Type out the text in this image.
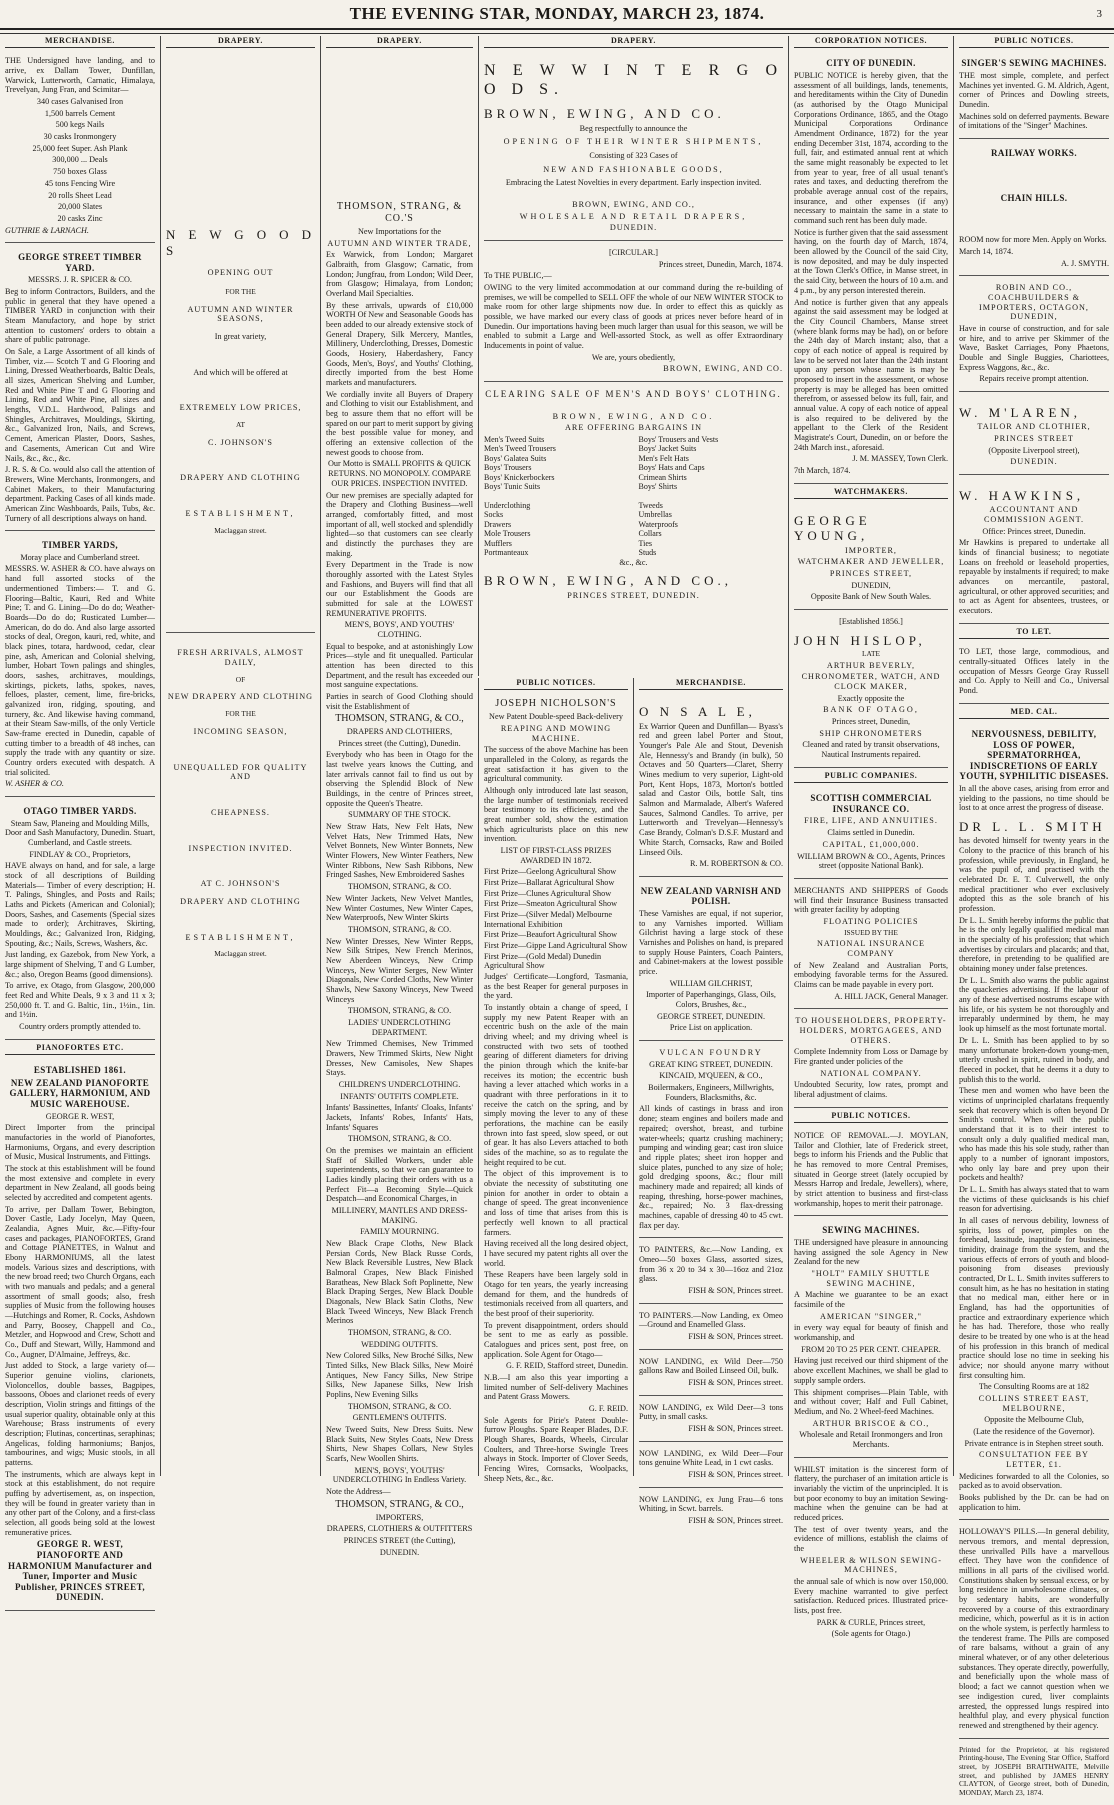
THE EVENING STAR, MONDAY, MARCH 23, 1874.	3
MERCHANDISE.

THE Undersigned have landing, and to arrive, ex Dallam Tower, Dunfillan, Warwick, Lutterworth, Carnatic, Himalaya, Trevelyan, Jung Fran, and Scimitar—

340 cases Galvanised Iron

1,500 barrels Cement

500 kegs Nails

30 casks Ironmongery

25,000 feet Super. Ash Plank

300,000 ... Deals

750 boxes Glass

45 tons Fencing Wire

20 rolls Sheet Lead

20,000 Slates

20 casks Zinc

GUTHRIE & LARNACH.

GEORGE STREET TIMBER YARD.

MESSRS. J. R. SPICER & CO.

Beg to inform Contractors, Builders, and the public in general that they have opened a TIMBER YARD in conjunction with their Steam Manufactory, and hope by strict attention to customers' orders to obtain a share of public patronage.

On Sale, a Large Assortment of all kinds of Timber, viz.— Scotch T and G Flooring and Lining, Dressed Weatherboards, Baltic Deals, all sizes, American Shelving and Lumber, Red and White Pine T and G Flooring and Lining, Red and White Pine, all sizes and lengths, V.D.L. Hardwood, Palings and Shingles, Architraves, Mouldings, Skirting, &c., Galvanized Iron, Nails, and Screws, Cement, American Plaster, Doors, Sashes, and Casements, American Cut and Wire Nails, &c., &c., &c.

J. R. S. & Co. would also call the attention of Brewers, Wine Merchants, Ironmongers, and Cabinet Makers, to their Manufacturing department. Packing Cases of all kinds made. American Zinc Washboards, Pails, Tubs, &c. Turnery of all descriptions always on hand.

TIMBER YARDS,

Moray place and Cumberland street.

MESSRS. W. ASHER & CO. have always on hand full assorted stocks of the undermentioned Timbers:— T. and G. Flooring—Baltic, Kauri, Red and White Pine; T. and G. Lining—Do do do; Weather-Boards—Do do do; Rusticated Lumber—American, do do do. And also large assorted stocks of deal, Oregon, kauri, red, white, and black pines, totara, hardwood, cedar, clear pine, ash, American and Colonial shelving, lumber, Hobart Town palings and shingles, doors, sashes, architraves, mouldings, skirtings, pickets, laths, spokes, naves, felloes, plaster, cement, lime, fire-bricks, galvanized iron, ridging, spouting, and turnery, &c. And likewise having command, at their Steam Saw-mills, of the only Verticle Saw-frame erected in Dunedin, capable of cutting timber to a breadth of 48 inches, can supply the trade with any quantity or size. Country orders executed with despatch. A trial solicited.

W. ASHER & CO.

OTAGO TIMBER YARDS.

Steam Saw, Planeing and Moulding Mills, Door and Sash Manufactory, Dunedin. Stuart, Cumberland, and Castle streets.

FINDLAY & CO., Proprietors,

HAVE always on hand, and for sale, a large stock of all descriptions of Building Materials— Timber of every description; H. T. Palings, Shingles, and Posts and Rails; Laths and Pickets (American and Colonial); Doors, Sashes, and Casements (Special sizes made to order); Architraves, Skirting, Mouldings, &c.; Galvanized Iron, Ridging, Spouting, &c.; Nails, Screws, Washers, &c.

Just landing, ex Gazebok, from New York, a large shipment of Shelving, T and G Lumber, &c.; also, Oregon Beams (good dimensions).

To arrive, ex Otago, from Glasgow, 200,000 feet Red and White Deals, 9 x 3 and 11 x 3; 250,000 ft. T. and G. Baltic, 1in., 1½in., 1in. and 1½in.

Country orders promptly attended to.

PIANOFORTES ETC.
ESTABLISHED 1861.
NEW ZEALAND PIANOFORTE GALLERY, HARMONIUM, AND MUSIC WAREHOUSE.

GEORGE R. WEST,

Direct Importer from the principal manufactories in the world of Pianofortes, Harmoniums, Organs, and every description of Music, Musical Instruments, and Fittings.

The stock at this establishment will be found the most extensive and complete in every department in New Zealand, all goods being selected by accredited and competent agents.

To arrive, per Dallam Tower, Bebington, Dover Castle, Lady Jocelyn, May Queen, Zealandia, Agnes Muir, &c.—Fifty-four cases and packages, PIANOFORTES, Grand and Cottage PIANETTES, in Walnut and Ebony HARMONIUMS, all the latest models. Various sizes and descriptions, with the new broad reed; two Church Organs, each with two manuals and pedals; and a general assortment of small goods; also, fresh supplies of Music from the following houses—Hutchings and Romer, R. Cocks, Ashdown and Parry, Boosey, Chappell and Co., Metzler, and Hopwood and Crew, Schott and Co., Duff and Stewart, Willy, Hammond and Co., Augner, D'Almaine, Jeffreys, &c.

Just added to Stock, a large variety of— Superior genuine violins, clarionets, Violoncellos, double basses, Bagpipes, bassoons, Oboes and clarionet reeds of every description, Violin strings and fittings of the usual superior quality, obtainable only at this Warehouse; Brass instruments of every description; Flutinas, concertinas, seraphinas; Angelicas, folding harmoniums; Banjos, tambourines, and wigs; Music stools, in all patterns.

The instruments, which are always kept in stock at this establishment, do not require puffing by advertisement, as, on inspection, they will be found in greater variety than in any other part of the Colony, and a first-class selection, all goods being sold at the lowest remunerative prices.

GEORGE R. WEST, PIANOFORTE AND HARMONIUM Manufacturer and Tuner, Importer and Music Publisher, PRINCES STREET, DUNEDIN.
DRAPERY.

N E W G O O D S

OPENING OUT

FOR THE

AUTUMN AND WINTER SEASONS,

In great variety,

And which will be offered at

EXTREMELY LOW PRICES,

AT

C. JOHNSON'S

DRAPERY AND CLOTHING

ESTABLISHMENT,

Maclaggan street.

FRESH ARRIVALS, ALMOST DAILY,

OF

NEW DRAPERY AND CLOTHING

FOR THE

INCOMING SEASON,

UNEQUALLED FOR QUALITY AND

CHEAPNESS.

INSPECTION INVITED.

AT C. JOHNSON'S

DRAPERY AND CLOTHING

ESTABLISHMENT,

Maclaggan street.

DRAPERY.

THOMSON, STRANG, & CO.'S

New Importations for the

AUTUMN AND WINTER TRADE,

Ex Warwick, from London; Margaret Galbraith, from Glasgow; Carnatic, from London; Jungfrau, from London; Wild Deer, from Glasgow; Himalaya, from London; Overland Mail Specialties.

By these arrivals, upwards of £10,000 WORTH Of New and Seasonable Goods has been added to our already extensive stock of General Drapery, Silk Mercery, Mantles, Millinery, Underclothing, Dresses, Domestic Goods, Hosiery, Haberdashery, Fancy Goods, Men's, Boys', and Youths' Clothing, directly imported from the best Home markets and manufacturers.

We cordially invite all Buyers of Drapery and Clothing to visit our Establishment, and beg to assure them that no effort will be spared on our part to merit support by giving the best possible value for money, and offering an extensive collection of the newest goods to choose from.

Our Motto is SMALL PROFITS & QUICK RETURNS. NO MONOPOLY. COMPARE OUR PRICES. INSPECTION INVITED.

Our new premises are specially adapted for the Drapery and Clothing Business—well arranged, comfortably fitted, and most important of all, well stocked and splendidly lighted—so that customers can see clearly and distinctly the purchases they are making.

Every Department in the Trade is now thoroughly assorted with the Latest Styles and Fashions, and Buyers will find that all our our Establishment the Goods are submitted for sale at the LOWEST REMUNERATIVE PROFITS.

MEN'S, BOYS', AND YOUTHS' CLOTHING.

Equal to bespoke, and at astonishingly Low Prices—style and fit unequalled. Particular attention has been directed to this Department, and the result has exceeded our most sanguine expectations.

Parties in search of Good Clothing should visit the Establishment of

THOMSON, STRANG, & CO.,

DRAPERS AND CLOTHIERS,

Princes street (the Cutting), Dunedin.

Everybody who has been in Otago for the last twelve years knows the Cutting, and later arrivals cannot fail to find us out by observing the Splendid Block of New Buildings, in the centre of Princes street, opposite the Queen's Theatre.

SUMMARY OF THE STOCK.

New Straw Hats, New Felt Hats, New Velvet Hats, New Trimmed Hats, New Velvet Bonnets, New Winter Bonnets, New Winter Flowers, New Winter Feathers, New Winter Ribbons, New Sash Ribbons, New Fringed Sashes, New Embroidered Sashes

THOMSON, STRANG, & CO.

New Winter Jackets, New Velvet Mantles, New Winter Costumes, New Winter Capes, New Waterproofs, New Winter Skirts

THOMSON, STRANG, & CO.

New Winter Dresses, New Winter Repps, New Silk Stripes, New French Merinos, New Aberdeen Winceys, New Crimp Winceys, New Winter Serges, New Winter Diagonals, New Corded Cloths, New Winter Shawls, New Saxony Winceys, New Tweed Winceys

THOMSON, STRANG, & CO.

LADIES' UNDERCLOTHING DEPARTMENT.

New Trimmed Chemises, New Trimmed Drawers, New Trimmed Skirts, New Night Dresses, New Camisoles, New Shapes Stays.

CHILDREN'S UNDERCLOTHING.

INFANTS' OUTFITS COMPLETE.

Infants' Bassinettes, Infants' Cloaks, Infants' Jackets, Infants' Robes, Infants' Hats, Infants' Squares

THOMSON, STRANG, & CO.

On the premises we maintain an efficient Staff of Skilled Workers, under able superintendents, so that we can guarantee to Ladies kindly placing their orders with us a Perfect Fit—a Becoming Style—Quick Despatch—and Economical Charges, in

MILLINERY, MANTLES AND DRESS-MAKING.

FAMILY MOURNING.

New Black Crape Cloths, New Black Persian Cords, New Black Russe Cords, New Black Reversible Lustres, New Black Balmoral Crapes, New Black Finished Baratheas, New Black Soft Poplinette, New Black Draping Serges, New Black Double Diagonals, New Black Satin Cloths, New Black Tweed Winceys, New Black French Merinos

THOMSON, STRANG, & CO.

WEDDING OUTFITS.

New Colored Silks, New Broché Silks, New Tinted Silks, New Black Silks, New Moiré Antiques, New Fancy Silks, New Stripe Silks, New Japanese Silks, New Irish Poplins, New Evening Silks

THOMSON, STRANG, & CO.

GENTLEMEN'S OUTFITS.

New Tweed Suits, New Dress Suits. New Black Suits, New Styles Coats, New Dress Shirts, New Shapes Collars, New Styles Scarfs, New Woollen Shirts.

MEN'S, BOYS', YOUTHS' UNDERCLOTHING In Endless Variety.

Note the Address—

THOMSON, STRANG, & CO.,

IMPORTERS,

DRAPERS, CLOTHIERS & OUTFITTERS

PRINCES STREET (the Cutting),

DUNEDIN.

DRAPERY.

N E W W I N T E R G O O D S.

BROWN, EWING, AND CO.

Beg respectfully to announce the

OPENING OF THEIR WINTER SHIPMENTS,

Consisting of 323 Cases of

NEW AND FASHIONABLE GOODS,

Embracing the Latest Novelties in every department. Early inspection invited.

BROWN, EWING, AND CO.,

WHOLESALE AND RETAIL DRAPERS,

DUNEDIN.

[CIRCULAR.]

Princes street, Dunedin, March, 1874.

To THE PUBLIC,—

OWING to the very limited accommodation at our command during the re-building of premises, we will be compelled to SELL OFF the whole of our NEW WINTER STOCK to make room for other large shipments now due. In order to effect this as quickly as possible, we have marked our every class of goods at prices never before heard of in Dunedin. Our importations having been much larger than usual for this season, we will be enabled to submit a Large and Well-assorted Stock, as well as offer Extraordinary Inducements in point of value.

We are, yours obediently,

BROWN, EWING, AND CO.

CLEARING SALE OF MEN'S AND BOYS' CLOTHING.

BROWN, EWING, AND CO.

ARE OFFERING BARGAINS IN

Men's Tweed Suits
Men's Tweed Trousers
Boys' Galatea Suits
Boys' Trousers
Boys' Knickerbockers
Boys' Tunic Suits

Underclothing
Socks
Drawers
Mole Trousers
Mufflers
Portmanteaux
Boys' Trousers and Vests
Boys' Jacket Suits
Men's Felt Hats
Boys' Hats and Caps
Crimean Shirts
Boys' Shirts

Tweeds
Umbrellas
Waterproofs
Collars
Ties
Studs

&c., &c.

BROWN, EWING, AND CO.,

PRINCES STREET, DUNEDIN.

PUBLIC NOTICES.

JOSEPH NICHOLSON'S

New Patent Double-speed Back-delivery

REAPING AND MOWING MACHINE.

The success of the above Machine has been unparalleled in the Colony, as regards the great satisfaction it has given to the agricultural community.

Although only introduced late last season, the large number of testimonials received bear testimony to its efficiency, and the great number sold, show the estimation which agriculturists place on this new invention.

LIST OF FIRST-CLASS PRIZES AWARDED IN 1872.

First Prize—Geelong Agricultural Show
First Prize—Ballarat Agricultural Show
First Prize—Clunes Agricultural Show
First Prize—Smeaton Agricultural Show
First Prize—(Silver Medal) Melbourne International Exhibition
First Prize—Beaufort Agricultural Show
First Prize—Gippe Land Agricultural Show
First Prize—(Gold Medal) Dunedin Agricultural Show

Judges' Certificate—Longford, Tasmania, as the best Reaper for general purposes in the yard.

To instantly obtain a change of speed, I supply my new Patent Reaper with an eccentric bush on the axle of the main driving wheel; and my driving wheel is constructed with two sets of toothed gearing of different diameters for driving the pinion through which the knife-bar receives its motion; the eccentric bush having a lever attached which works in a quadrant with three perforations in it to receive the catch on the spring, and by simply moving the lever to any of these perforations, the machine can be easily thrown into fast speed, slow speed, or out of gear. It has also Levers attached to both sides of the machine, so as to regulate the height required to be cut.

The object of this improvement is to obviate the necessity of substituting one pinion for another in order to obtain a change of speed. The great inconvenience and loss of time that arises from this is perfectly well known to all practical farmers.

Having received all the long desired object, I have secured my patent rights all over the world.

These Reapers have been largely sold in Otago for ten years, the yearly increasing demand for them, and the hundreds of testimonials received from all quarters, and the best proof of their superiority.

To prevent disappointment, orders should be sent to me as early as possible. Catalogues and prices sent, post free, on application. Sole Agent for Otago—

G. F. REID, Stafford street, Dunedin.

N.B.—I am also this year importing a limited number of Self-delivery Machines and Patent Grass Mowers.

G. F. REID.

Sole Agents for Pirie's Patent Double-furrow Ploughs. Spare Reaper Blades, D.F. Plough Shares, Boards, Wheels, Circular Coulters, and Three-horse Swingle Trees always in Stock. Importer of Clover Seeds, Fencing Wires, Cornsacks, Woolpacks, Sheep Nets, &c., &c.

MERCHANDISE.

O N S A L E,

Ex Warrior Queen and Dunfillan— Byass's red and green label Porter and Stout, Younger's Pale Ale and Stout, Devenish Ale, Hennessy's and Brandy (in bulk), 50 Octaves and 50 Quarters—Claret, Sherry Wines medium to very superior, Light-old Port, Kent Hops, 1873, Morton's bottled salad and Castor Oils, bottle Salt, tins Salmon and Marmalade, Albert's Wafered Sauces, Salmond Candles. To arrive, per Lutterworth and Trevelyan—Hennessy's Case Brandy, Colman's D.S.F. Mustard and White Starch, Cornsacks, Raw and Boiled Linseed Oils.

R. M. ROBERTSON & CO.

NEW ZEALAND VARNISH AND POLISH.

These Varnishes are equal, if not superior, to any Varnishes imported. William Gilchrist having a large stock of these Varnishes and Polishes on hand, is prepared to supply House Painters, Coach Painters, and Cabinet-makers at the lowest possible price.

WILLIAM GILCHRIST,

Importer of Paperhangings, Glass, Oils, Colors, Brushes, &c.,

GEORGE STREET, DUNEDIN.

Price List on application.

VULCAN FOUNDRY

GREAT KING STREET, DUNEDIN.

KINCAID, M'QUEEN, & CO.,

Boilermakers, Engineers, Millwrights, Founders, Blacksmiths, &c.

All kinds of castings in brass and iron done; steam engines and boilers made and repaired; overshot, breast, and turbine water-wheels; quartz crushing machinery; pumping and winding gear; cast iron sluice and ripple plates; sheet iron hopper and sluice plates, punched to any size of hole; gold dredging spoons, &c.; flour mill machinery made and repaired; all kinds of reaping, threshing, horse-power machines, &c., repaired; No. 3 flax-dressing machines, capable of dressing 40 to 45 cwt. flax per day.

TO PAINTERS, &c.—Now Landing, ex Omeo—50 boxes Glass, assorted sizes, from 36 x 20 to 34 x 30—16oz and 21oz glass.

FISH & SON, Princes street.

TO PAINTERS.—Now Landing, ex Omeo—Ground and Enamelled Glass.

FISH & SON, Princes street.

NOW LANDING, ex Wild Deer—750 gallons Raw and Boiled Linseed Oil, bulk.

FISH & SON, Princes street.

NOW LANDING, ex Wild Deer—3 tons Putty, in small casks.

FISH & SON, Princes street.

NOW LANDING, ex Wild Deer—Four tons genuine White Lead, in 1 cwt casks.

FISH & SON, Princes street.

NOW LANDING, ex Jung Frau—6 tons Whiting, in Scwt. barrels.

FISH & SON, Princes street.

CORPORATION NOTICES.
CITY OF DUNEDIN.

PUBLIC NOTICE is hereby given, that the assessment of all buildings, lands, tenements, and hereditaments within the City of Dunedin (as authorised by the Otago Municipal Corporations Ordinance, 1865, and the Otago Municipal Corporations Ordinance Amendment Ordinance, 1872) for the year ending December 31st, 1874, according to the full, fair, and estimated annual rent at which the same might reasonably be expected to let from year to year, free of all usual tenant's rates and taxes, and deducting therefrom the probable average annual cost of the repairs, insurance, and other expenses (if any) necessary to maintain the same in a state to command such rent has been duly made.

Notice is further given that the said assessment having, on the fourth day of March, 1874, been allowed by the Council of the said City, is now deposited, and may be duly inspected at the Town Clerk's Office, in Manse street, in the said City, between the hours of 10 a.m. and 4 p.m., by any person interested therein.

And notice is further given that any appeals against the said assessment may be lodged at the City Council Chambers, Manse street (where blank forms may be had), on or before the 24th day of March instant; also, that a copy of each notice of appeal is required by law to be served not later than the 24th instant upon any person whose name is may be proposed to insert in the assessment, or whose property is may be alleged has been omitted therefrom, or assessed below its full, fair, and annual value. A copy of each notice of appeal is also required to be delivered by the appellant to the Clerk of the Resident Magistrate's Court, Dunedin, on or before the 24th March inst., aforesaid.

J. M. MASSEY, Town Clerk.

7th March, 1874.

WATCHMAKERS.

GEORGE YOUNG,

IMPORTER,

WATCHMAKER AND JEWELLER,

PRINCES STREET,

DUNEDIN,

Opposite Bank of New South Wales.

[Established 1856.]

JOHN HISLOP,

LATE

ARTHUR BEVERLY,

CHRONOMETER, WATCH, AND CLOCK MAKER,

Exactly opposite the

BANK OF OTAGO,

Princes street, Dunedin,

SHIP CHRONOMETERS

Cleaned and rated by transit observations, Nautical Instruments repaired.

PUBLIC COMPANIES.
SCOTTISH COMMERCIAL INSURANCE CO.

FIRE, LIFE, AND ANNUITIES.

Claims settled in Dunedin.

CAPITAL, £1,000,000.

WILLIAM BROWN & CO., Agents, Princes street (opposite National Bank).

MERCHANTS AND SHIPPERS of Goods will find their Insurance Business transacted with greater facility by adopting

FLOATING POLICIES

ISSUED BY THE

NATIONAL INSURANCE COMPANY

of New Zealand and Australian Ports, embodying favorable terms for the Assured. Claims can be made payable in every port.

A. HILL JACK, General Manager.

TO HOUSEHOLDERS, PROPERTY-HOLDERS, MORTGAGEES, AND OTHERS.

Complete Indemnity from Loss or Damage by Fire granted under policies of the

NATIONAL COMPANY.

Undoubted Security, low rates, prompt and liberal adjustment of claims.

PUBLIC NOTICES.

NOTICE OF REMOVAL.—J. MOYLAN, Tailor and Clothier, late of Frederick street, begs to inform his Friends and the Public that he has removed to more Central Premises, situated in George street (lately occupied by Messrs Harrop and Iredale, Jewellers), where, by strict attention to business and first-class workmanship, hopes to merit their patronage.

SEWING MACHINES.

THE undersigned have pleasure in announcing having assigned the sole Agency in New Zealand for the new

"HOLT" FAMILY SHUTTLE SEWING MACHINE,

A Machine we guarantee to be an exact facsimile of the

AMERICAN "SINGER,"

in every way equal for beauty of finish and workmanship, and

FROM 20 TO 25 PER CENT. CHEAPER.

Having just received our third shipment of the above excellent Machines, we shall be glad to supply sample orders.

This shipment comprises—Plain Table, with and without cover; Half and Full Cabinet, Medium, and No. 2 Wheel-feed Machines.

ARTHUR BRISCOE & CO.,

Wholesale and Retail Ironmongers and Iron Merchants.

WHILST imitation is the sincerest form of flattery, the purchaser of an imitation article is invariably the victim of the unprincipled. It is but poor economy to buy an imitation Sewing-machine when the genuine can be had at reduced prices.

The test of over twenty years, and the evidence of millions, establish the claims of the

WHEELER & WILSON SEWING-MACHINES,

the annual sale of which is now over 150,000. Every machine warranted to give perfect satisfaction. Reduced prices. Illustrated price-lists, post free.

PARK & CURLE, Princes street,

(Sole agents for Otago.)

PUBLIC NOTICES.
SINGER'S SEWING MACHINES.

THE most simple, complete, and perfect Machines yet invented. G. M. Aldrich, Agent, corner of Princes and Dowling streets, Dunedin.

Machines sold on deferred payments. Beware of imitations of the "Singer" Machines.

RAILWAY WORKS.
CHAIN HILLS.

ROOM now for more Men. Apply on Works.

March 14, 1874.

A. J. SMYTH.

ROBIN AND CO., COACHBUILDERS & IMPORTERS, OCTAGON, DUNEDIN,

Have in course of construction, and for sale or hire, and to arrive per Skimmer of the Wave, Basket Carriages, Pony Phaetons, Double and Single Buggies, Chariottees, Express Waggons, &c., &c.

Repairs receive prompt attention.

W. M'LAREN,

TAILOR AND CLOTHIER,

PRINCES STREET

(Opposite Liverpool street),

DUNEDIN.

W. HAWKINS,

ACCOUNTANT AND COMMISSION AGENT.

Office: Princes street, Dunedin.

Mr Hawkins is prepared to undertake all kinds of financial business; to negotiate Loans on freehold or leasehold properties, repayable by instalments if required; to make advances on mercantile, pastoral, agricultural, or other approved securities; and to act as Agent for absentees, trustees, or executors.

TO LET.

TO LET, those large, commodious, and centrally-situated Offices lately in the occupation of Messrs George Gray Russell and Co. Apply to Neill and Co., Universal Pond.

MED. CAL.
NERVOUSNESS, DEBILITY, LOSS OF POWER, SPERMATORRHŒA, INDISCRETIONS OF EARLY YOUTH, SYPHILITIC DISEASES.

In all the above cases, arising from error and yielding to the passions, no time should be lost to at once arrest the progress of disease.

DR L. L. SMITH

has devoted himself for twenty years in the Colony to the practice of this branch of his profession, while previously, in England, he was the pupil of, and practised with the celebrated Dr. E. T. Culverwell, the only medical practitioner who ever exclusively adopted this as the sole branch of his profession.

Dr L. L. Smith hereby informs the public that he is the only legally qualified medical man in the specialty of his profession; that which advertises by circulars and placards; and that, therefore, in pretending to be qualified are obtaining money under false pretences.

Dr L. L. Smith also warns the public against the quackeries advertising. If the labour of any of these advertised nostrums escape with his life, or his system be not thoroughly and irreparably undermined by them, he may look up himself as the most fortunate mortal.

Dr L. L. Smith has been applied to by so many unfortunate broken-down young-men, utterly crushed in spirit, ruined in body, and fleeced in pocket, that he deems it a duty to publish this to the world.

These men and women who have been the victims of unprincipled charlatans frequently seek that recovery which is often beyond Dr Smith's control. When will the public understand that it is to their interest to consult only a duly qualified medical man, who has made this his sole study, rather than apply to a number of ignorant impostors, who only lay bare and prey upon their pockets and health?

Dr L. L. Smith has always stated that to warn the victims of these quicksands is his chief reason for advertising.

In all cases of nervous debility, lowness of spirits, loss of power, pimples on the forehead, lassitude, inaptitude for business, timidity, drainage from the system, and the various effects of errors of youth and blood-poisoning from diseases previously contracted, Dr L. L. Smith invites sufferers to consult him, as he has no hesitation in stating that no medical man, either here or in England, has had the opportunities of practice and extraordinary experience which he has had. Therefore, those who really desire to be treated by one who is at the head of his profession in this branch of medical practice should lose no time in seeking his advice; nor should anyone marry without first consulting him.

The Consulting Rooms are at 182

COLLINS STREET EAST, MELBOURNE,

Opposite the Melbourne Club,

(Late the residence of the Governor).

Private entrance is in Stephen street south.

CONSULTATION FEE BY LETTER, £1.

Medicines forwarded to all the Colonies, so packed as to avoid observation.

Books published by the Dr. can be had on application to him.

HOLLOWAY'S PILLS.—In general debility, nervous tremors, and mental depression, these unrivalled Pills have a marvellous effect. They have won the confidence of millions in all parts of the civilised world. Constitutions shaken by sensual excess, or by long residence in unwholesome climates, or by sedentary habits, are wonderfully recovered by a course of this extraordinary medicine, which, powerful as it is in action on the whole system, is perfectly harmless to the tenderest frame. The Pills are composed of rare balsams, without a grain of any mineral whatever, or of any other deleterious substances. They operate directly, powerfully, and beneficially upon the whole mass of blood; a fact we cannot question when we see indigestion cured, liver complaints arrested, the oppressed lungs respired into healthful play, and every physical function renewed and strengthened by their agency.

Printed for the Proprietor, at his registered Printing-house, The Evening Star Office, Stafford street, by JOSEPH BRAITHWAITE, Melville street, and published by JAMES HENRY CLAYTON, of George street, both of Dunedin, MONDAY, March 23, 1874.
